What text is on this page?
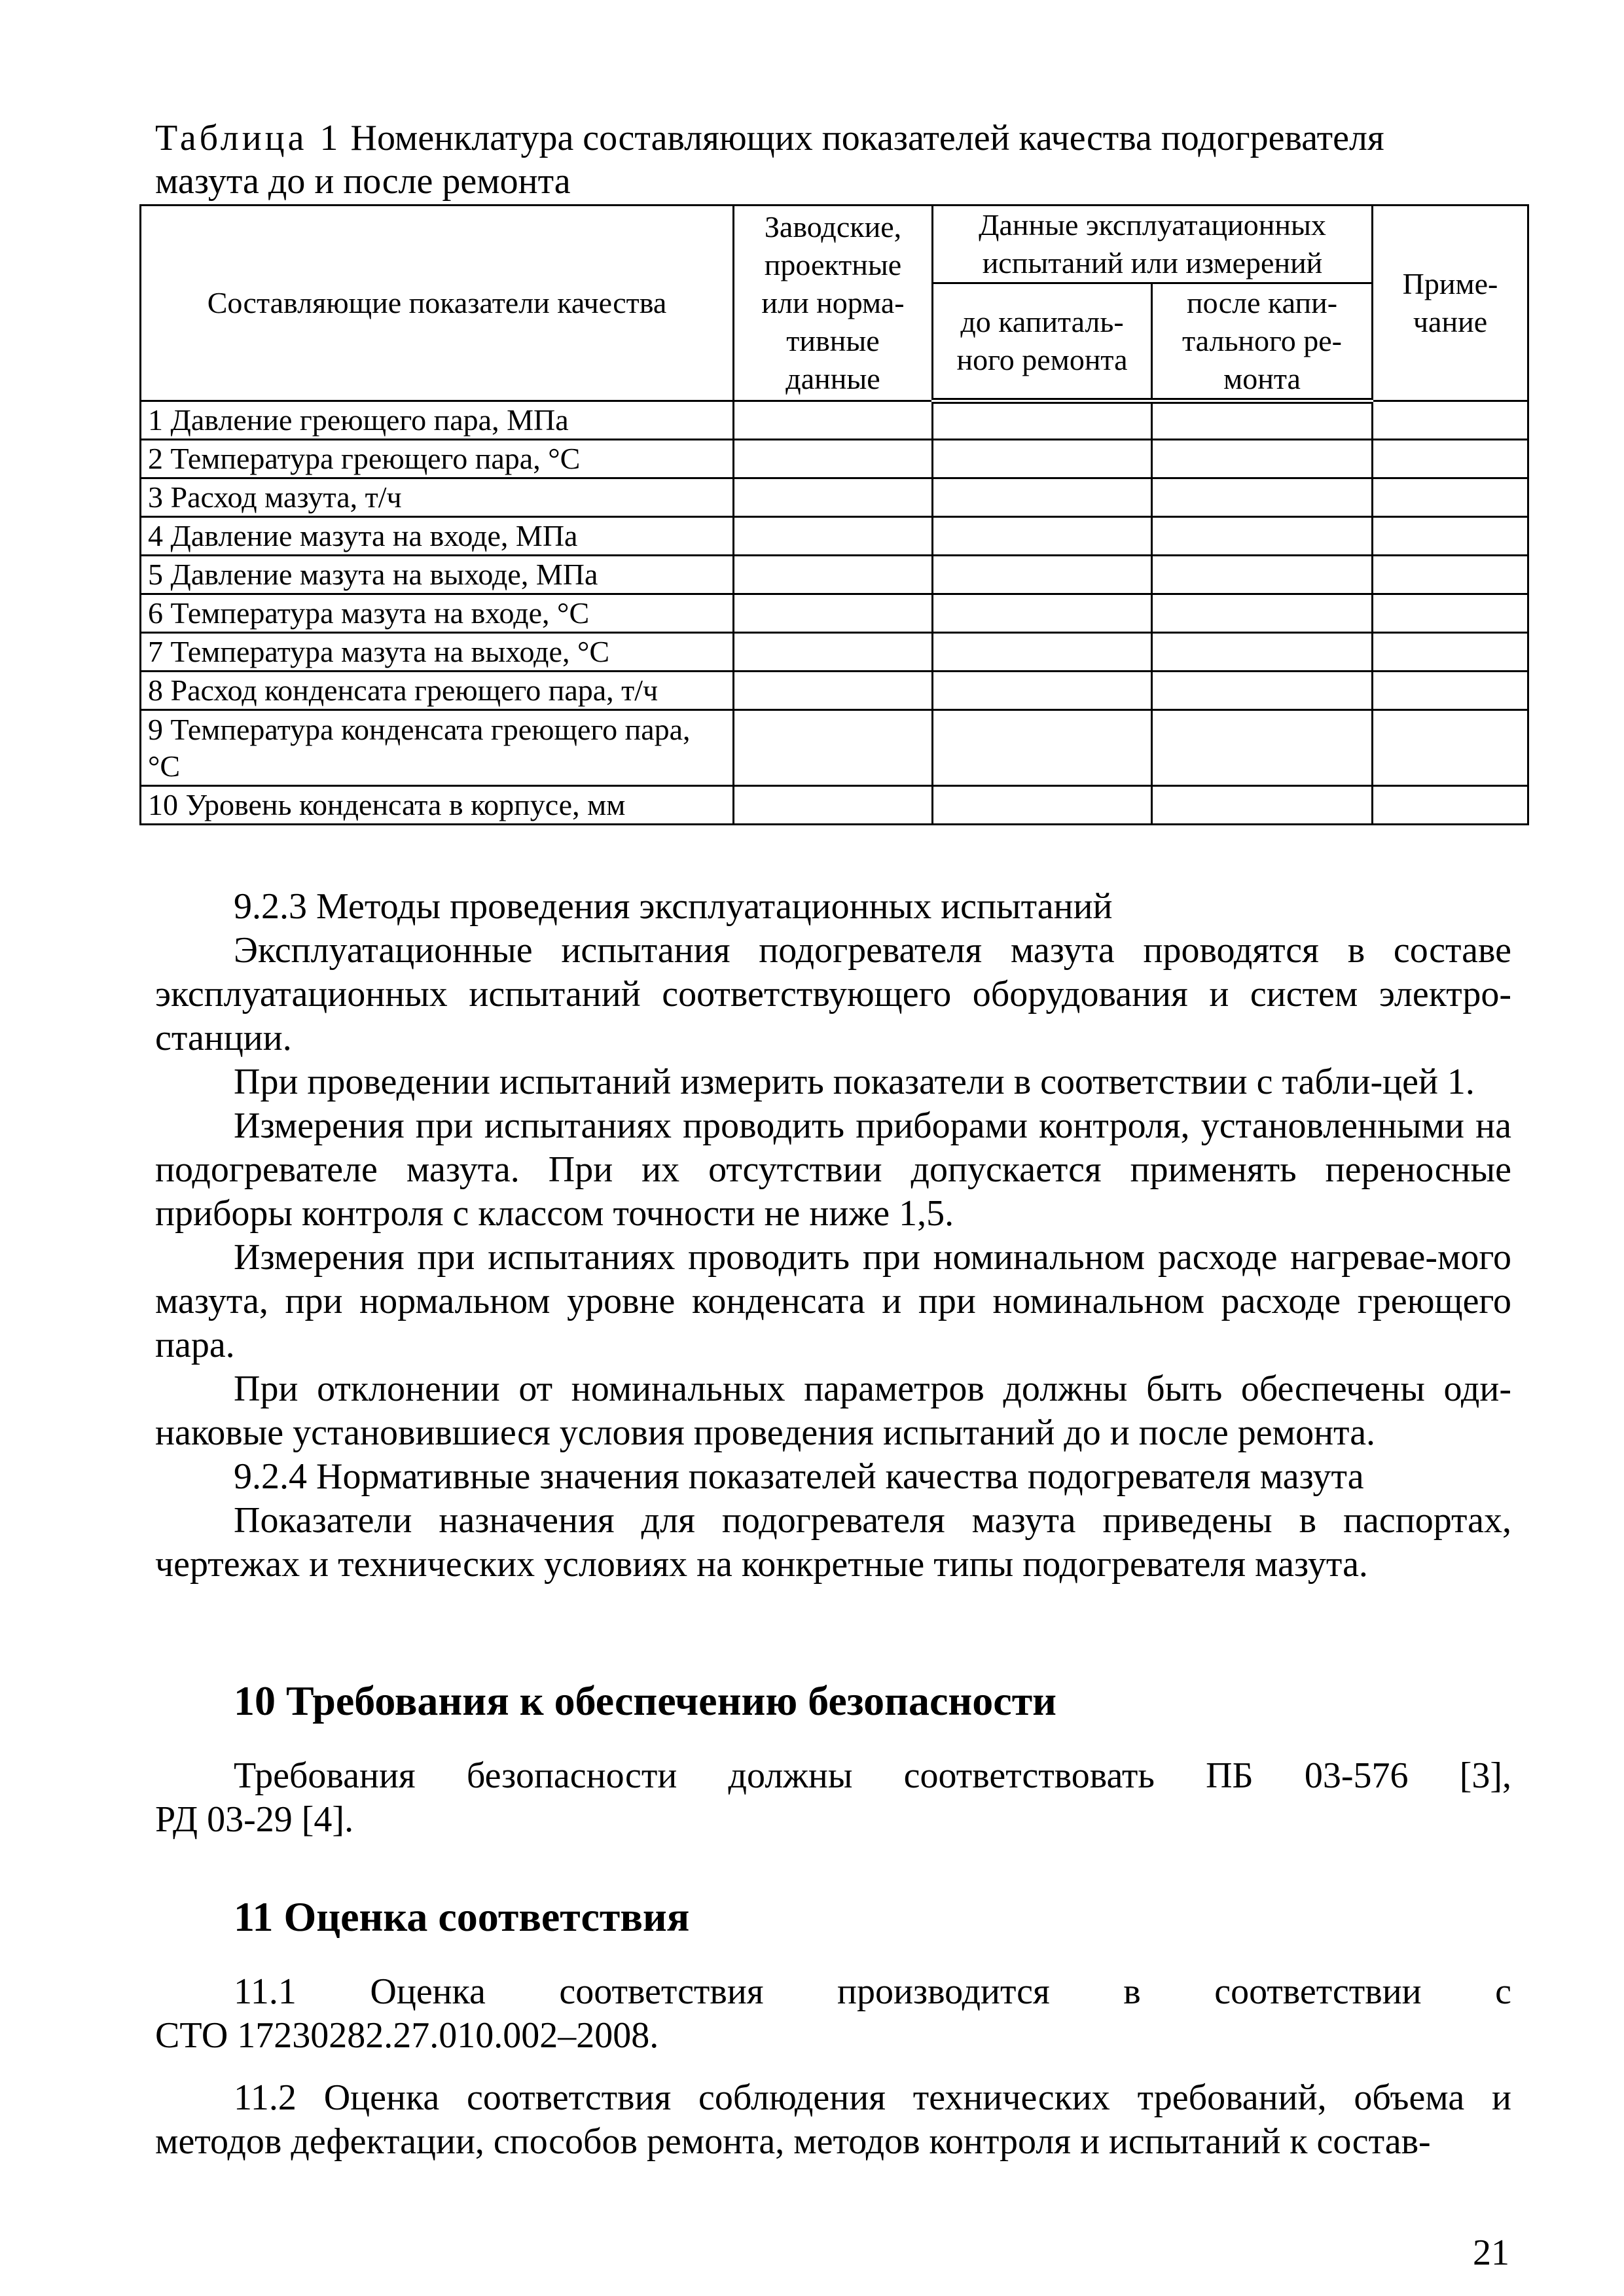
Таблица 1 Номенклатура составляющих показателей качества подогревателя
мазута до и после ремонта
Составляющие показатели качества	Заводские, проектные или норма-тивные данные	Данные эксплуатационных испытаний или измерений		Приме-чание
		до капиталь-ного ремонта	после капи-тального ре-монта	
1 Давление греющего пара, МПа				
2 Температура греющего пара, °С				
3 Расход мазута, т/ч				
4 Давление мазута на входе, МПа				
5 Давление мазута на выходе, МПа				
6 Температура мазута на входе, °С				
7 Температура мазута на выходе, °С				
8 Расход конденсата греющего пара, т/ч				
9 Температура конденсата греющего пара, °С				
10 Уровень конденсата в корпусе, мм				

9.2.3 Методы проведения эксплуатационных испытаний

Эксплуатационные испытания подогревателя мазута проводятся в составе эксплуатационных испытаний соответствующего оборудования и систем электро-станции.

При проведении испытаний измерить показатели в соответствии с табли-цей 1.

Измерения при испытаниях проводить приборами контроля, установленными на подогревателе мазута. При их отсутствии допускается применять переносные приборы контроля с классом точности не ниже 1,5.

Измерения при испытаниях проводить при номинальном расходе нагревае-мого мазута, при нормальном уровне конденсата и при номинальном расходе греющего пара.

При отклонении от номинальных параметров должны быть обеспечены оди-наковые установившиеся условия проведения испытаний до и после ремонта.

9.2.4 Нормативные значения показателей качества подогревателя мазута

Показатели назначения для подогревателя мазута приведены в паспортах, чертежах и технических условиях на конкретные типы подогревателя мазута.

10 Требования к обеспечению безопасности

Требования безопасности должны соответствовать ПБ 03-576 [3],

РД 03-29 [4].

11 Оценка соответствия

11.1 Оценка соответствия производится в соответствии с

СТО 17230282.27.010.002–2008.

11.2 Оценка соответствия соблюдения технических требований, объема и методов дефектации, способов ремонта, методов контроля и испытаний к состав-

21
